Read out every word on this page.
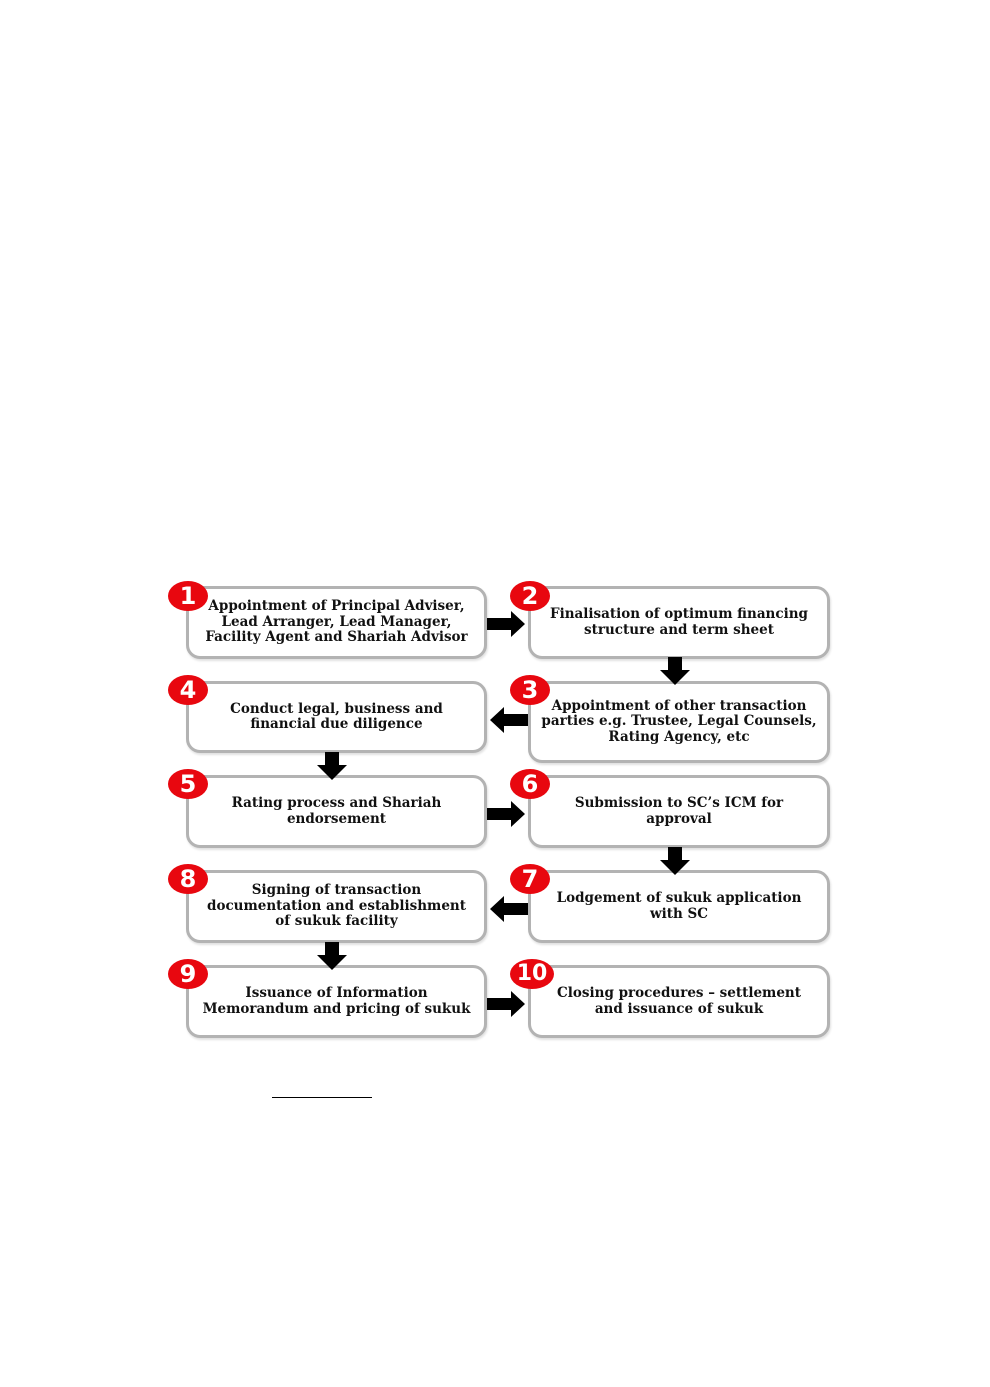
Appointment of Principal Adviser,
Lead Arranger, Lead Manager,
Facility Agent and Shariah Advisor
1
Finalisation of optimum financing
structure and term sheet
2
Appointment of other transaction
parties e.g. Trustee, Legal Counsels,
Rating Agency, etc
3
Conduct legal, business and
financial due diligence
4
Rating process and Shariah
endorsement
5
Submission to SC’s ICM for approval
6
Lodgement of sukuk application
with SC
7
Signing of transaction
documentation and establishment
of sukuk facility
8
Issuance of Information
Memorandum and pricing of sukuk
9
Closing procedures – settlement
and issuance of sukuk
10
